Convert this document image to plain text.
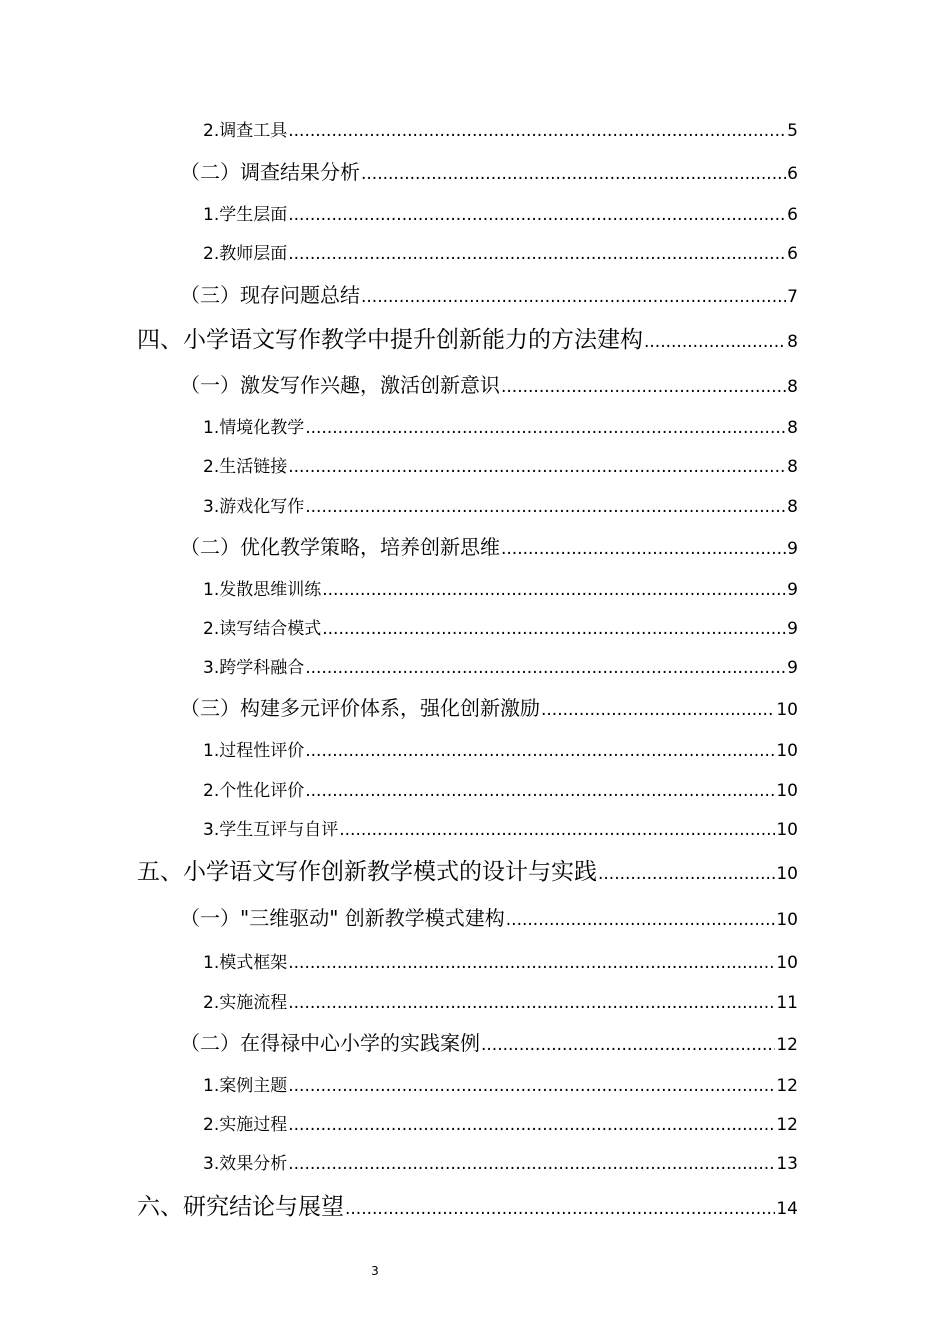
2.调查工具 .....	5
（二）调查结果分析 .....	6
1.学生层面 .....	6
2.教师层面 .....	6
（三）现存问题总结 .....	7
四、小学语文写作教学中提升创新能力的方法建构 .....	8
（一）激发写作兴趣，激活创新意识 .....	8
1.情境化教学 .....	8
2.生活链接 .....	8
3.游戏化写作 .....	8
（二）优化教学策略，培养创新思维 .....	9
1.发散思维训练 .....	9
2.读写结合模式 .....	9
3.跨学科融合 .....	9
（三）构建多元评价体系，强化创新激励 .....	10
1.过程性评价 .....	10
2.个性化评价 .....	10
3.学生互评与自评 .....	10
五、小学语文写作创新教学模式的设计与实践 .....	10
（一）"三维驱动" 创新教学模式建构 .....	10
1.模式框架 .....	10
2.实施流程 .....	11
（二）在得禄中心小学的实践案例 .....	12
1.案例主题 .....	12
2.实施过程 .....	12
3.效果分析 .....	13
六、研究结论与展望 .....	14
3
